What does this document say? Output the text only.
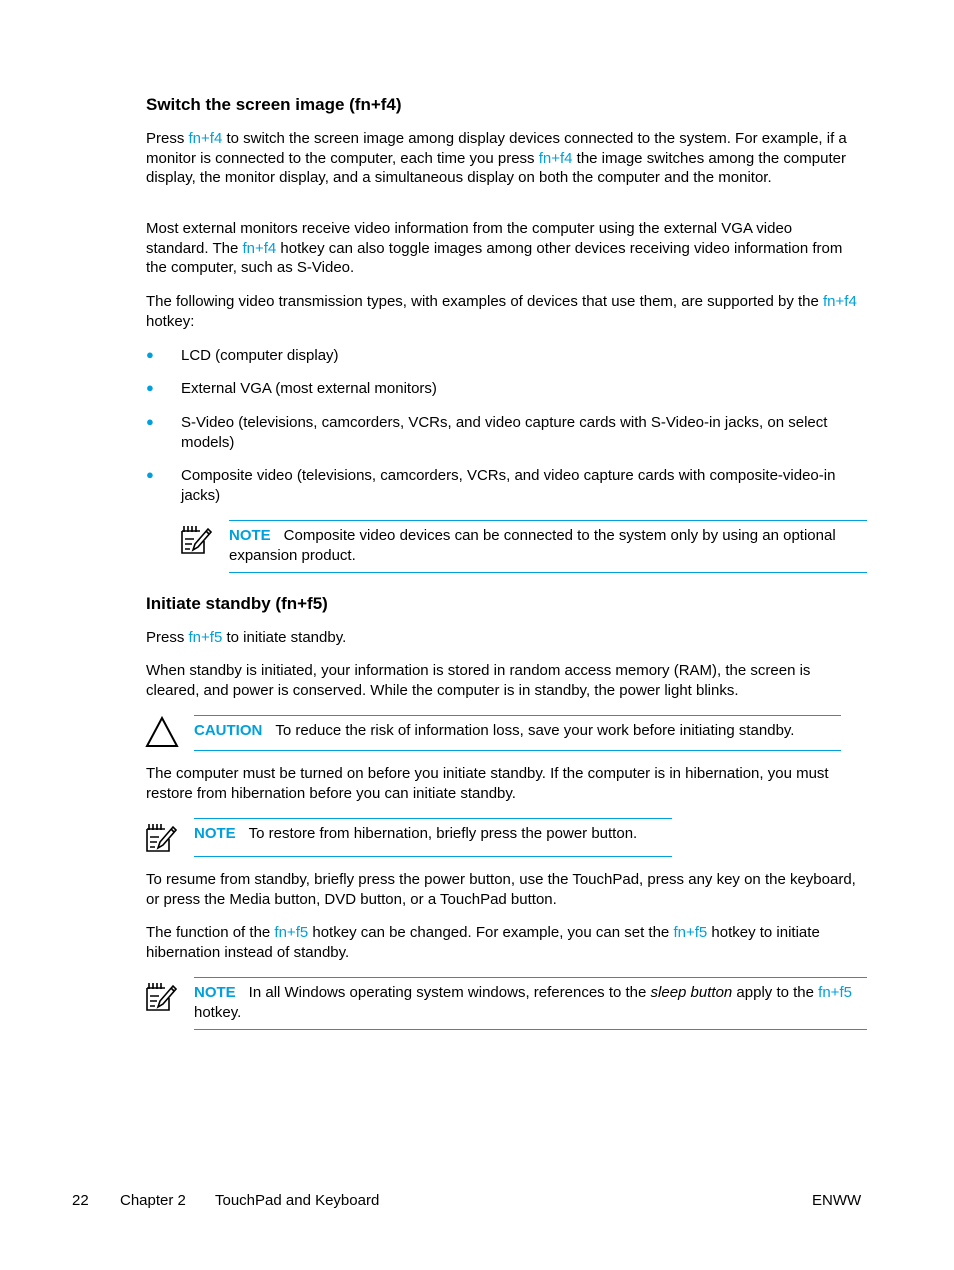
Switch the screen image (fn+f4)

Press fn+f4 to switch the screen image among display devices connected to the system. For example, if a monitor is connected to the computer, each time you press fn+f4 the image switches among the computer display, the monitor display, and a simultaneous display on both the computer and the monitor.

Most external monitors receive video information from the computer using the external VGA video standard. The fn+f4 hotkey can also toggle images among other devices receiving video information from the computer, such as S-Video.

The following video transmission types, with examples of devices that use them, are supported by the fn+f4 hotkey:

● LCD (computer display)
● External VGA (most external monitors)
● S-Video (televisions, camcorders, VCRs, and video capture cards with S-Video-in jacks, on select models)
● Composite video (televisions, camcorders, VCRs, and video capture cards with composite-video-in jacks)

NOTE Composite video devices can be connected to the system only by using an optional expansion product.

Initiate standby (fn+f5)

Press fn+f5 to initiate standby.

When standby is initiated, your information is stored in random access memory (RAM), the screen is cleared, and power is conserved. While the computer is in standby, the power light blinks.

CAUTION To reduce the risk of information loss, save your work before initiating standby.

The computer must be turned on before you initiate standby. If the computer is in hibernation, you must restore from hibernation before you can initiate standby.

NOTE To restore from hibernation, briefly press the power button.

To resume from standby, briefly press the power button, use the TouchPad, press any key on the keyboard, or press the Media button, DVD button, or a TouchPad button.

The function of the fn+f5 hotkey can be changed. For example, you can set the fn+f5 hotkey to initiate hibernation instead of standby.

NOTE In all Windows operating system windows, references to the sleep button apply to the fn+f5 hotkey.

22 Chapter 2 TouchPad and Keyboard	ENWW
